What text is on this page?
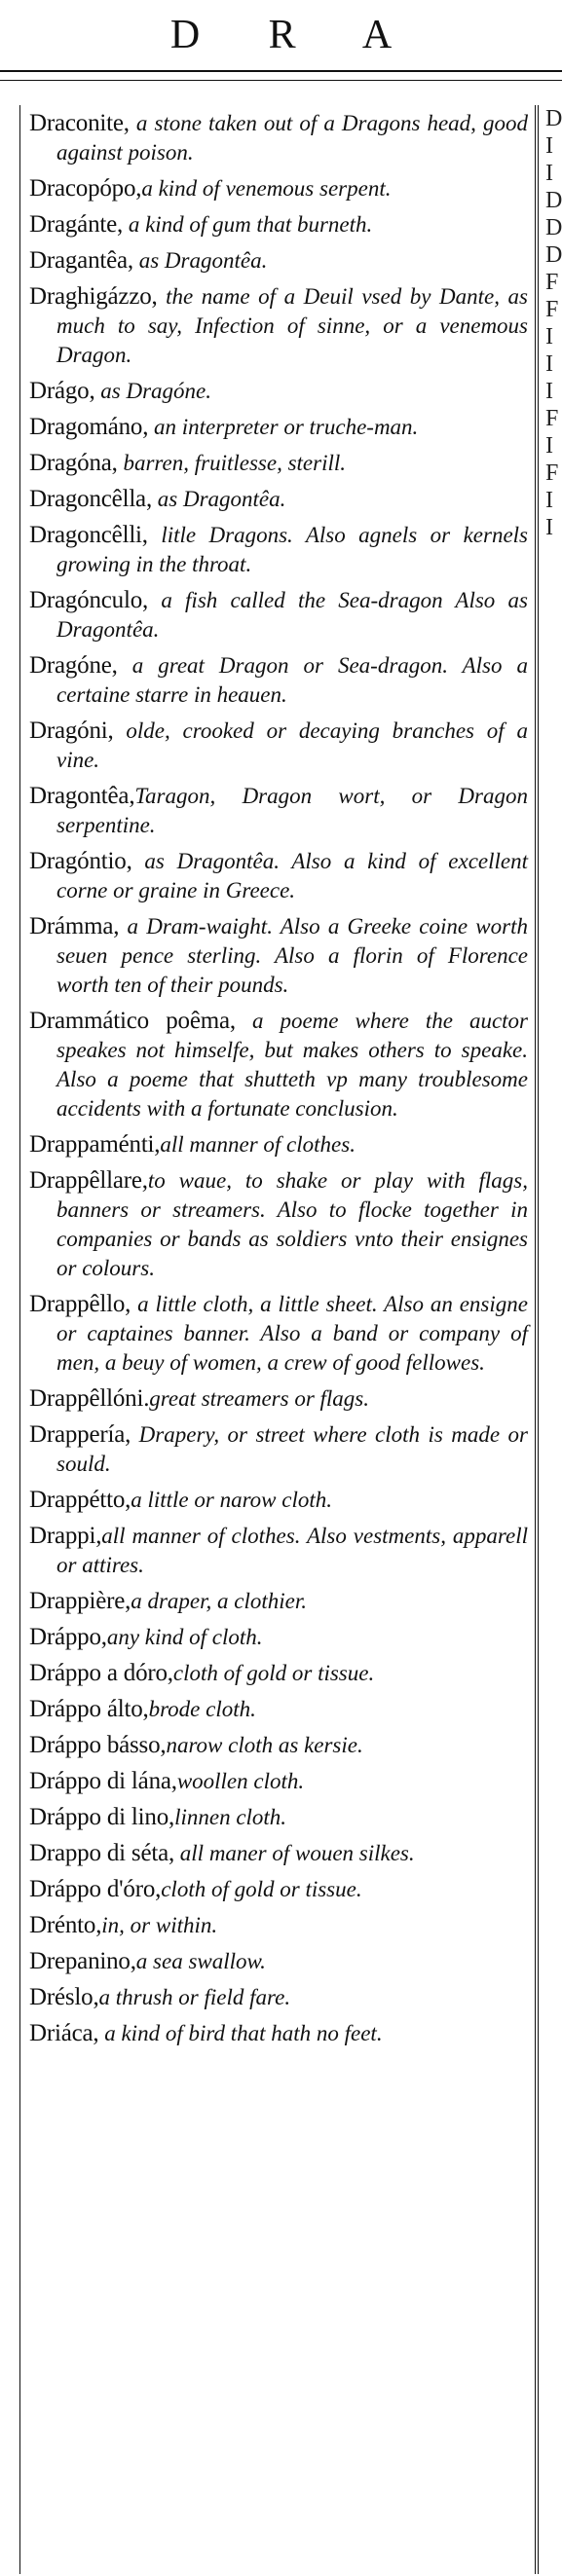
D R A
D
I
I
D
D
D
F
F
I
I
I
F
I
F
I
I
Draconite, a stone taken out of a Dragons head, good against poison.
Dracopópo,a kind of venemous serpent.
Dragánte, a kind of gum that burneth.
Dragantêa, as Dragontêa.
Draghigázzo, the name of a Deuil vsed by Dante, as much to say, Infection of sinne, or a venemous Dragon.
Drágo, as Dragóne.
Dragománo, an interpreter or truche-man.
Dragóna, barren, fruitlesse, sterill.
Dragoncêlla, as Dragontêa.
Dragoncêlli, litle Dragons. Also agnels or kernels growing in the throat.
Dragónculo, a fish called the Sea-dragon Also as Dragontêa.
Dragóne, a great Dragon or Sea-dragon. Also a certaine starre in heauen.
Dragóni, olde, crooked or decaying branches of a vine.
Dragontêa,Taragon, Dragon wort, or Dragon serpentine.
Dragóntio, as Dragontêa. Also a kind of excellent corne or graine in Greece.
Drámma, a Dram-waight. Also a Greeke coine worth seuen pence sterling. Also a florin of Florence worth ten of their pounds.
Drammático poêma, a poeme where the auctor speakes not himselfe, but makes others to speake. Also a poeme that shutteth vp many troublesome accidents with a fortunate conclusion.
Drappaménti,all manner of clothes.
Drappêllare,to waue, to shake or play with flags, banners or streamers. Also to flocke together in companies or bands as soldiers vnto their ensignes or colours.
Drappêllo, a little cloth, a little sheet. Also an ensigne or captaines banner. Also a band or company of men, a beuy of women, a crew of good fellowes.
Drappêllóni.great streamers or flags.
Drappería, Drapery, or street where cloth is made or sould.
Drappétto,a little or narow cloth.
Drappi,all manner of clothes. Also vestments, apparell or attires.
Drappière,a draper, a clothier.
Dráppo,any kind of cloth.
Dráppo a dóro,cloth of gold or tissue.
Dráppo álto,brode cloth.
Dráppo básso,narow cloth as kersie.
Dráppo di lána,woollen cloth.
Dráppo di lino,linnen cloth.
Drappo di séta, all maner of wouen silkes.
Dráppo d'óro,cloth of gold or tissue.
Drénto,in, or within.
Drepanino,a sea swallow.
Dréslo,a thrush or field fare.
Driáca, a kind of bird that hath no feet.
